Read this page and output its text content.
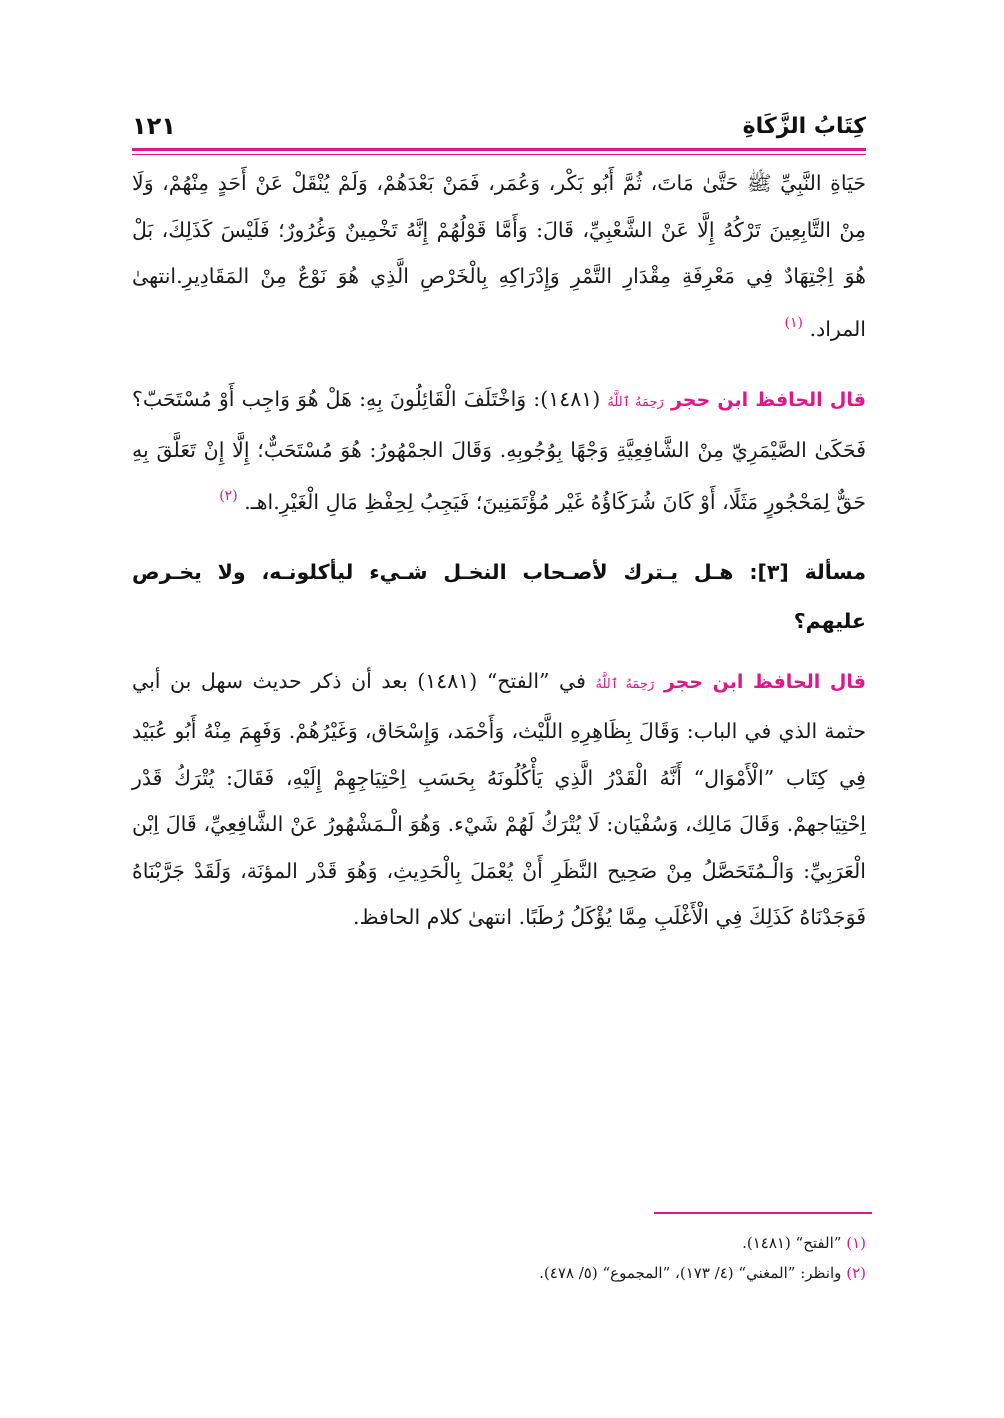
كِتَابُ الزَّكَاةِ
١٢١

حَيَاةِ النَّبِيِّ ﷺ حَتَّىٰ مَاتَ، ثُمَّ أَبُو بَكْر، وَعُمَر، فَمَنْ بَعْدَهُمْ، وَلَمْ يُنْقَلْ عَنْ أَحَدٍ مِنْهُمْ، وَلَا مِنْ التَّابِعِينَ تَرْكُهُ إِلَّا عَنْ الشَّعْبِيِّ، قَالَ: وَأَمَّا قَوْلُهُمْ إِنَّهُ تَخْمِينٌ وَغُرُورٌ؛ فَلَيْسَ كَذَلِكَ، بَلْ هُوَ اِجْتِهَادٌ فِي مَعْرِفَةِ مِقْدَارِ التَّمْرِ وَإِدْرَاكِهِ بِالْخَرْصِ الَّذِي هُوَ نَوْعٌ مِنْ المَقَادِيرِ.انتهىٰ المراد. $^{(١)}$

قال الحافظ ابن حجر رَحِمَهُ ٱللَّهُ (١٤٨١): وَاخْتَلَفَ الْقَائِلُونَ بِهِ: هَلْ هُوَ وَاجِب أَوْ مُسْتَحَبّ؟ فَحَكَىٰ الصَّيْمَرِيّ مِنْ الشَّافِعِيَّةِ وَجْهًا بِوُجُوبِهِ. وَقَالَ الجمْهُورُ: هُوَ مُسْتَحَبٌّ؛ إِلَّا إِنْ تَعَلَّقَ بِهِ حَقٌّ لِمَحْجُورٍ مَثَلًا، أَوْ كَانَ شُرَكَاؤُهُ غَيْر مُؤْتَمَنِينَ؛ فَيَجِبُ لِحِفْظِ مَالِ الْغَيْرِ.اهـ. $^{(٢)}$

مسألة [٣]: هـل يـترك لأصـحاب النخـل شـيء ليأكلونـه، ولا يخـرص عليهم؟

قال الحافظ ابن حجر رَحِمَهُ ٱللَّهُ في ”الفتح“ (١٤٨١) بعد أن ذكر حديث سهل بن أبي حثمة الذي في الباب: وَقَالَ بِظَاهِرِهِ اللَّيْث، وَأَحْمَد، وَإِسْحَاق، وَغَيْرُهُمْ. وَفَهِمَ مِنْهُ أَبُو عُبَيْد فِي كِتَاب ”الْأَمْوَال“ أَنَّهُ الْقَدْرُ الَّذِي يَأْكُلُونَهُ بِحَسَبِ اِحْتِيَاجِهِمْ إِلَيْهِ، فَقَالَ: يُتْرَكُ قَدْر اِحْتِيَاجهمْ. وَقَالَ مَالِك، وَسُفْيَان: لَا يُتْرَكُ لَهُمْ شَيْء. وَهُوَ الْـمَشْهُورُ عَنْ الشَّافِعِيِّ، قَالَ اِبْن الْعَرَبِيِّ: وَالْـمُتَحَصَّلُ مِنْ صَحِيح النَّظَرِ أَنْ يُعْمَلَ بِالْحَدِيثِ، وَهُوَ قَدْر المؤنَة، وَلَقَدْ جَرَّبْنَاهُ فَوَجَدْنَاهُ كَذَلِكَ فِي الْأَغْلَبِ مِمَّا يُؤْكَلُ رُطَبًا. انتهىٰ كلام الحافظ.

(١) ”الفتح“ (١٤٨١).
(٢) وانظر: ”المغني“ (٤/ ١٧٣)، ”المجموع“ (٥/ ٤٧٨).
